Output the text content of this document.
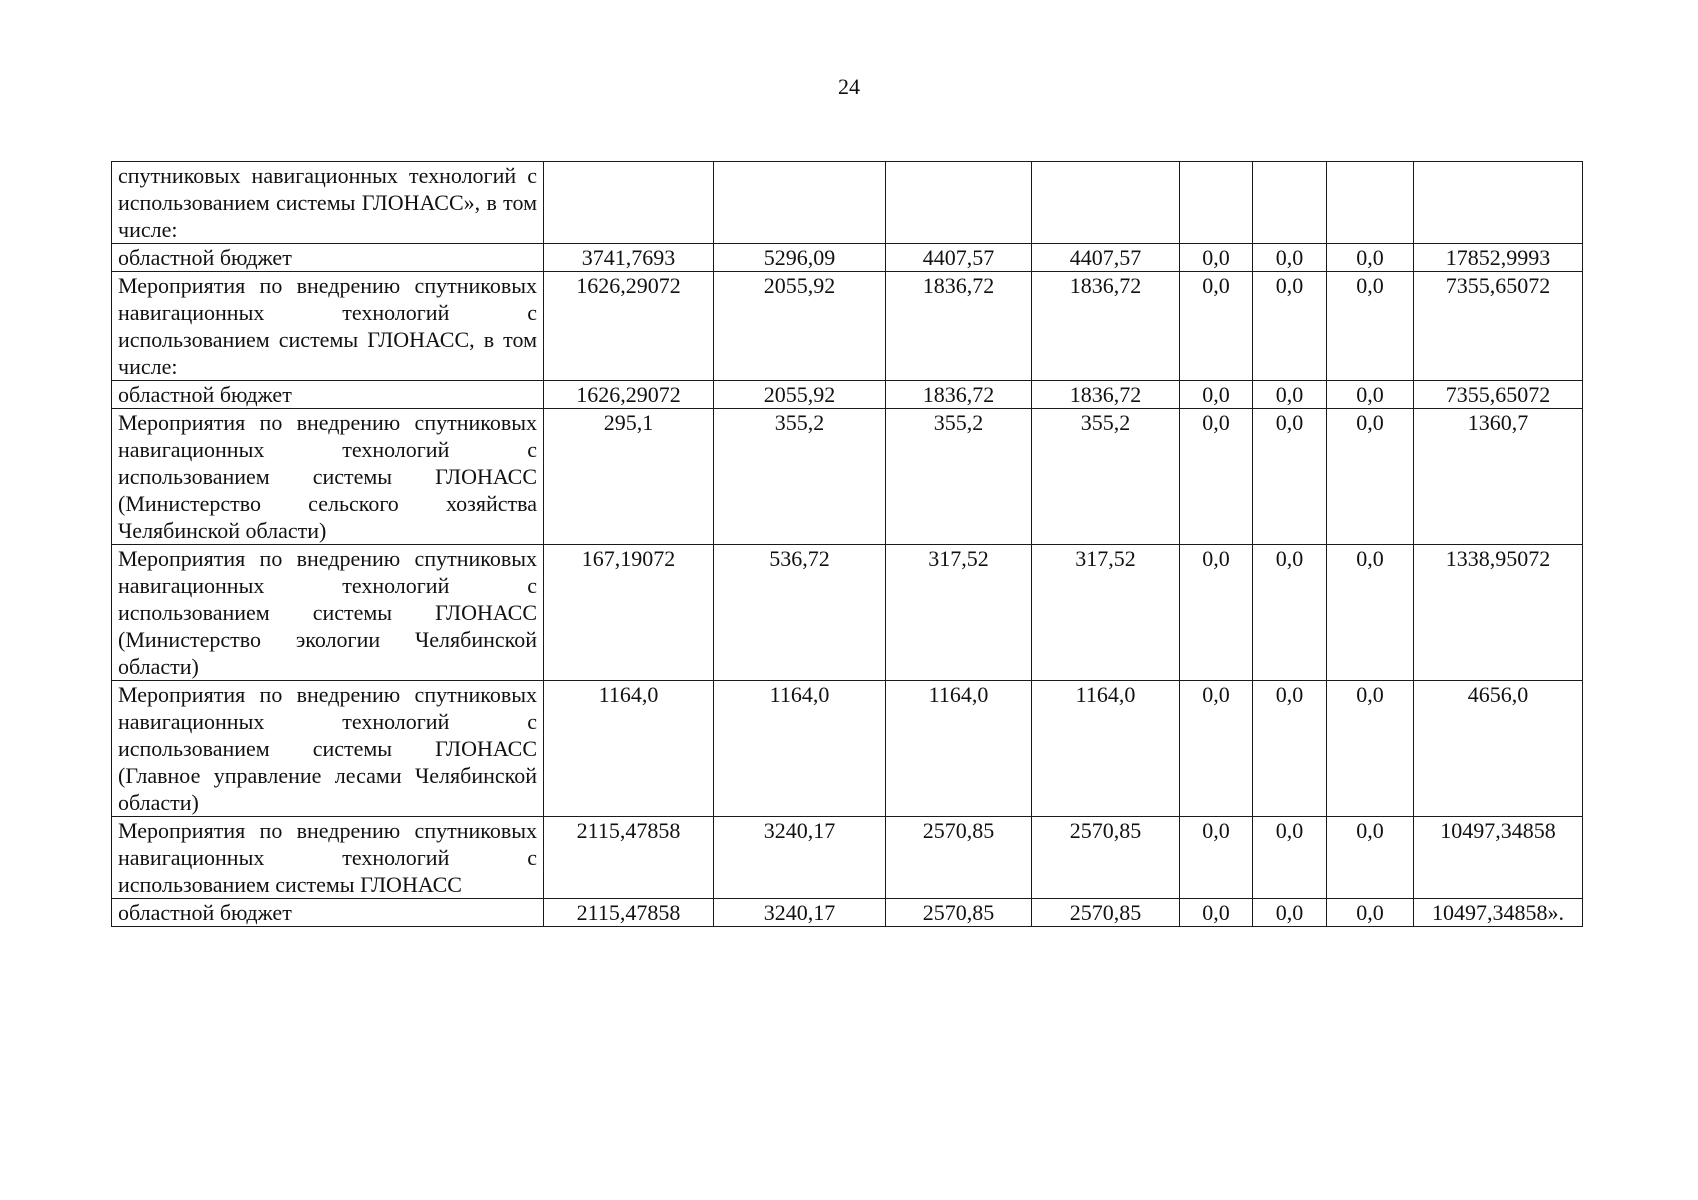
24
спутниковых навигационных технологий с использованием системы ГЛОНАСС», в том числе:								
областной бюджет	3741,7693	5296,09	4407,57	4407,57	0,0	0,0	0,0	17852,9993
Мероприятия по внедрению спутниковых навигационных технологий с использованием системы ГЛОНАСС, в том числе:	1626,29072	2055,92	1836,72	1836,72	0,0	0,0	0,0	7355,65072
областной бюджет	1626,29072	2055,92	1836,72	1836,72	0,0	0,0	0,0	7355,65072
Мероприятия по внедрению спутниковых навигационных технологий с использованием системы ГЛОНАСС (Министерство сельского хозяйства Челябинской области)	295,1	355,2	355,2	355,2	0,0	0,0	0,0	1360,7
Мероприятия по внедрению спутниковых навигационных технологий с использованием системы ГЛОНАСС (Министерство экологии Челябинской области)	167,19072	536,72	317,52	317,52	0,0	0,0	0,0	1338,95072
Мероприятия по внедрению спутниковых навигационных технологий с использованием системы ГЛОНАСС (Главное управление лесами Челябинской области)	1164,0	1164,0	1164,0	1164,0	0,0	0,0	0,0	4656,0
Мероприятия по внедрению спутниковых навигационных технологий с использованием системы ГЛОНАСС	2115,47858	3240,17	2570,85	2570,85	0,0	0,0	0,0	10497,34858
областной бюджет	2115,47858	3240,17	2570,85	2570,85	0,0	0,0	0,0	10497,34858».
